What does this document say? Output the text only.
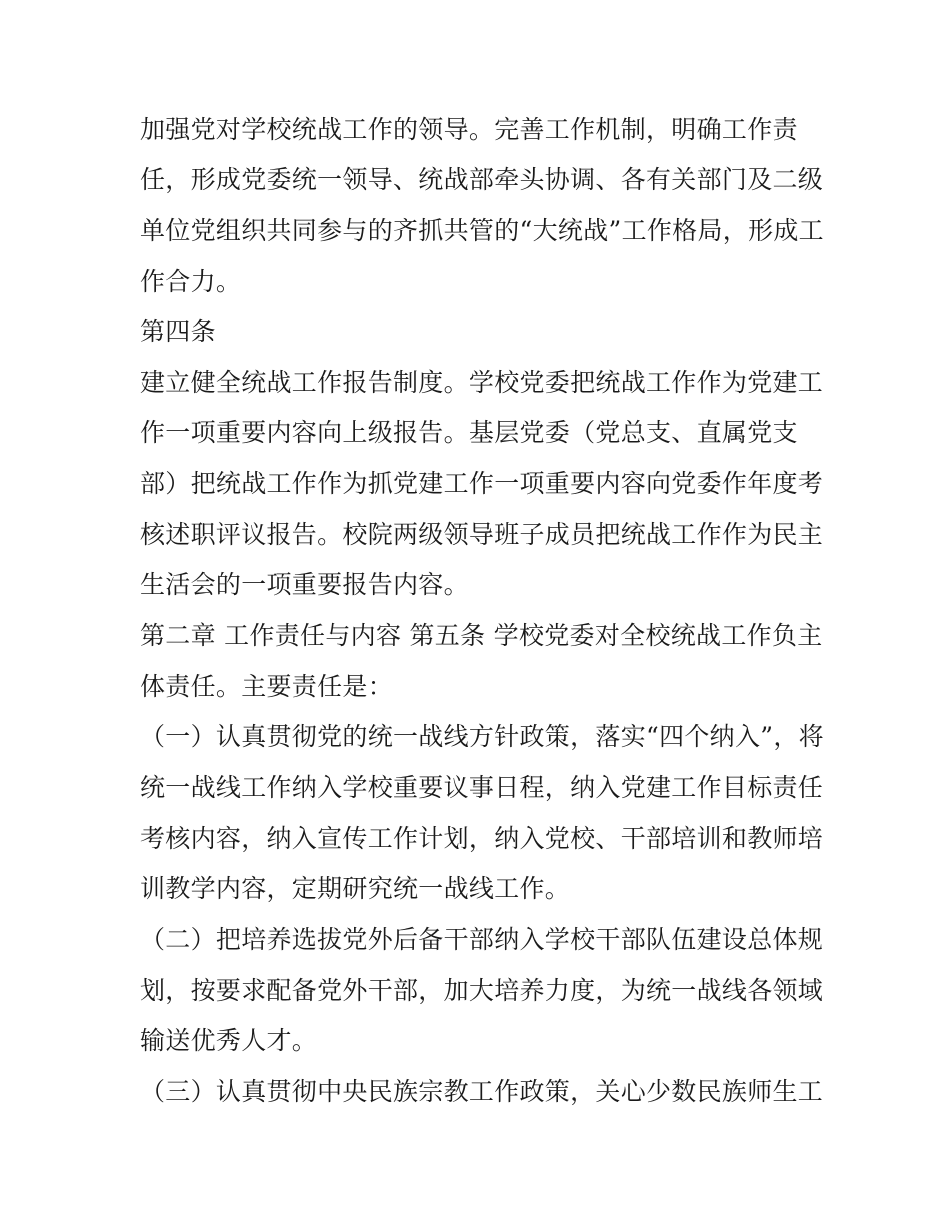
加强党对学校统战工作的领导。完善工作机制，明确工作责

任，形成党委统一领导、统战部牵头协调、各有关部门及二级

单位党组织共同参与的齐抓共管的“大统战”工作格局，形成工

作合力。

第四条

建立健全统战工作报告制度。学校党委把统战工作作为党建工

作一项重要内容向上级报告。基层党委（党总支、直属党支

部）把统战工作作为抓党建工作一项重要内容向党委作年度考

核述职评议报告。校院两级领导班子成员把统战工作作为民主

生活会的一项重要报告内容。

第二章 工作责任与内容 第五条 学校党委对全校统战工作负主

体责任。主要责任是：

（一）认真贯彻党的统一战线方针政策，落实“四个纳入”，将

统一战线工作纳入学校重要议事日程，纳入党建工作目标责任

考核内容，纳入宣传工作计划，纳入党校、干部培训和教师培

训教学内容，定期研究统一战线工作。

（二）把培养选拔党外后备干部纳入学校干部队伍建设总体规

划，按要求配备党外干部，加大培养力度，为统一战线各领域

输送优秀人才。

（三）认真贯彻中央民族宗教工作政策，关心少数民族师生工
